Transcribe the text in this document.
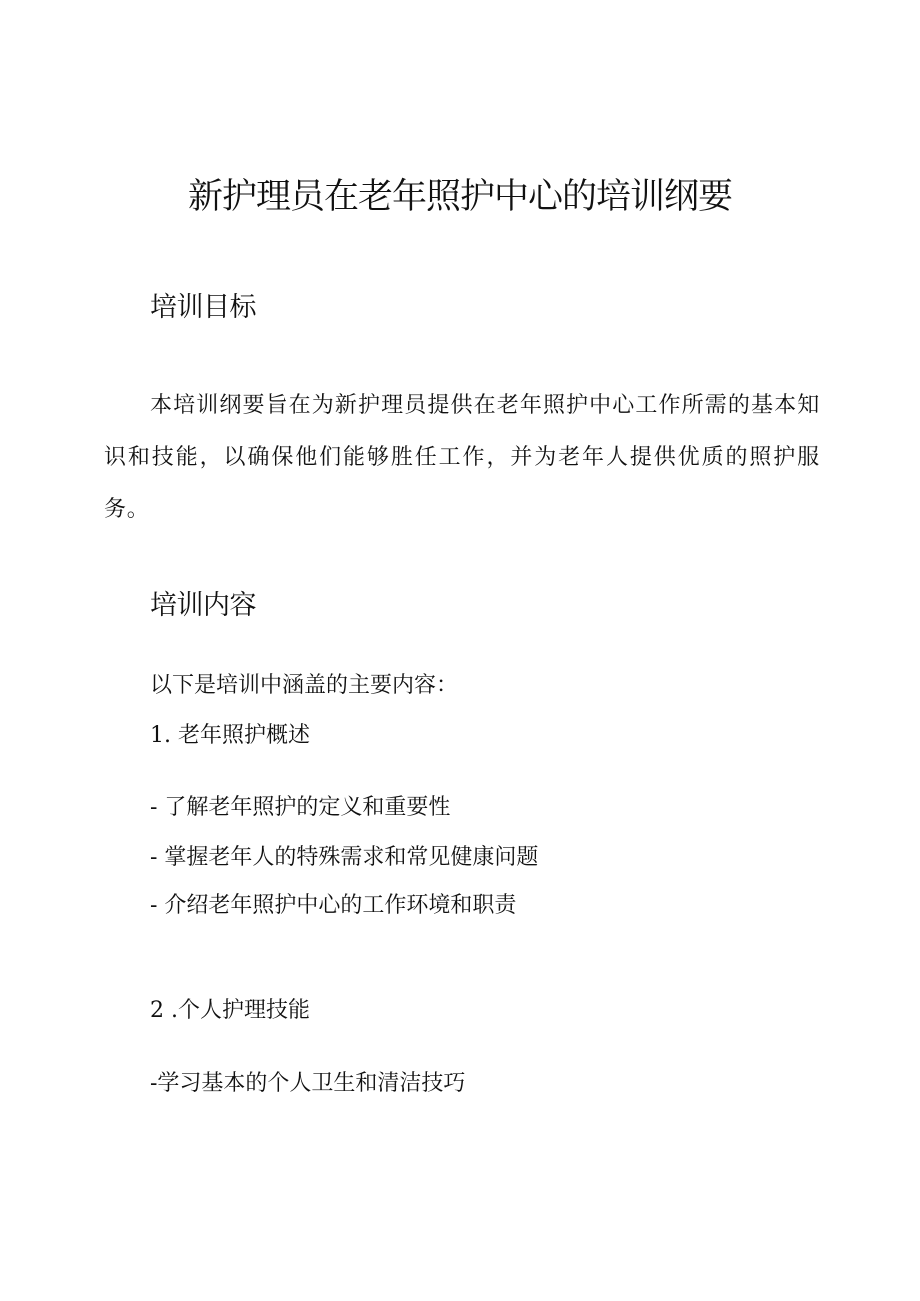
新护理员在老年照护中心的培训纲要
培训目标

本培训纲要旨在为新护理员提供在老年照护中心工作所需的基本知识和技能，以确保他们能够胜任工作，并为老年人提供优质的照护服务。

培训内容

以下是培训中涵盖的主要内容：

1. 老年照护概述

- 了解老年照护的定义和重要性

- 掌握老年人的特殊需求和常见健康问题

- 介绍老年照护中心的工作环境和职责

2 .个人护理技能

-学习基本的个人卫生和清洁技巧
